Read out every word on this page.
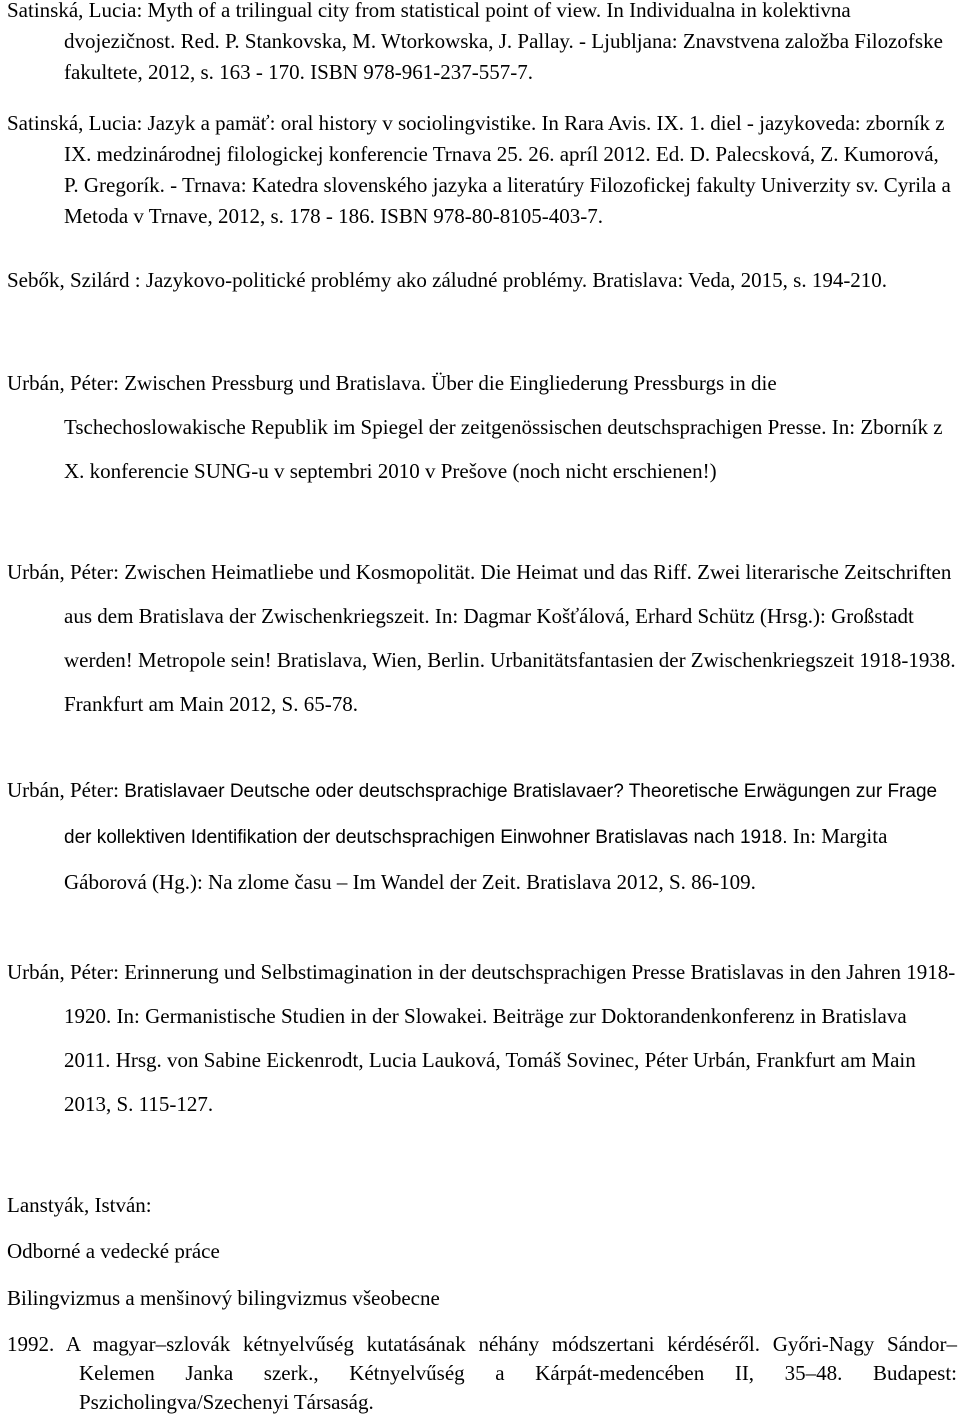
Satinská, Lucia: Myth of a trilingual city from statistical point of view. In Individualna in kolektivna dvojezičnost. Red. P. Stankovska, M. Wtorkowska, J. Pallay. - Ljubljana: Znavstvena založba Filozofske fakultete, 2012, s. 163 - 170. ISBN 978-961-237-557-7.

Satinská, Lucia: Jazyk a pamäť: oral history v sociolingvistike. In Rara Avis. IX. 1. diel - jazykoveda: zborník z IX. medzinárodnej filologickej konferencie Trnava 25. 26. apríl 2012. Ed. D. Palecsková, Z. Kumorová, P. Gregorík. - Trnava: Katedra slovenského jazyka a literatúry Filozofickej fakulty Univerzity sv. Cyrila a Metoda v Trnave, 2012, s. 178 - 186. ISBN 978-80-8105-403-7.

Sebők, Szilárd : Jazykovo-politické problémy ako záludné problémy. Bratislava: Veda, 2015, s. 194-210.

Urbán, Péter: Zwischen Pressburg und Bratislava. Über die Eingliederung Pressburgs in die Tschechoslowakische Republik im Spiegel der zeitgenössischen deutschsprachigen Presse. In: Zborník z X. konferencie SUNG-u v septembri 2010 v Prešove (noch nicht erschienen!)

Urbán, Péter: Zwischen Heimatliebe und Kosmopolität. Die Heimat und das Riff. Zwei literarische Zeitschriften aus dem Bratislava der Zwischenkriegszeit. In: Dagmar Košťálová, Erhard Schütz (Hrsg.): Großstadt werden! Metropole sein! Bratislava, Wien, Berlin. Urbanitätsfantasien der Zwischenkriegszeit 1918-1938. Frankfurt am Main 2012, S. 65-78.

Urbán, Péter: Bratislavaer Deutsche oder deutschsprachige Bratislavaer? Theoretische Erwägungen zur Frage der kollektiven Identifikation der deutschsprachigen Einwohner Bratislavas nach 1918. In: Margita Gáborová (Hg.): Na zlome času – Im Wandel der Zeit. Bratislava 2012, S. 86-109.

Urbán, Péter: Erinnerung und Selbstimagination in der deutschsprachigen Presse Bratislavas in den Jahren 1918-1920. In: Germanistische Studien in der Slowakei. Beiträge zur Doktorandenkonferenz in Bratislava 2011. Hrsg. von Sabine Eickenrodt, Lucia Lauková, Tomáš Sovinec, Péter Urbán, Frankfurt am Main 2013, S. 115-127.

Lanstyák, István:

Odborné a vedecké práce

Bilingvizmus a menšinový bilingvizmus všeobecne

1992. A magyar–szlovák kétnyelvűség kutatásának néhány módszertani kérdéséről. Győri-Nagy Sándor–Kelemen Janka szerk., Kétnyelvűség a Kárpát-medencében II, 35–48. Budapest: Pszicholingva/Szechenyi Társaság.
